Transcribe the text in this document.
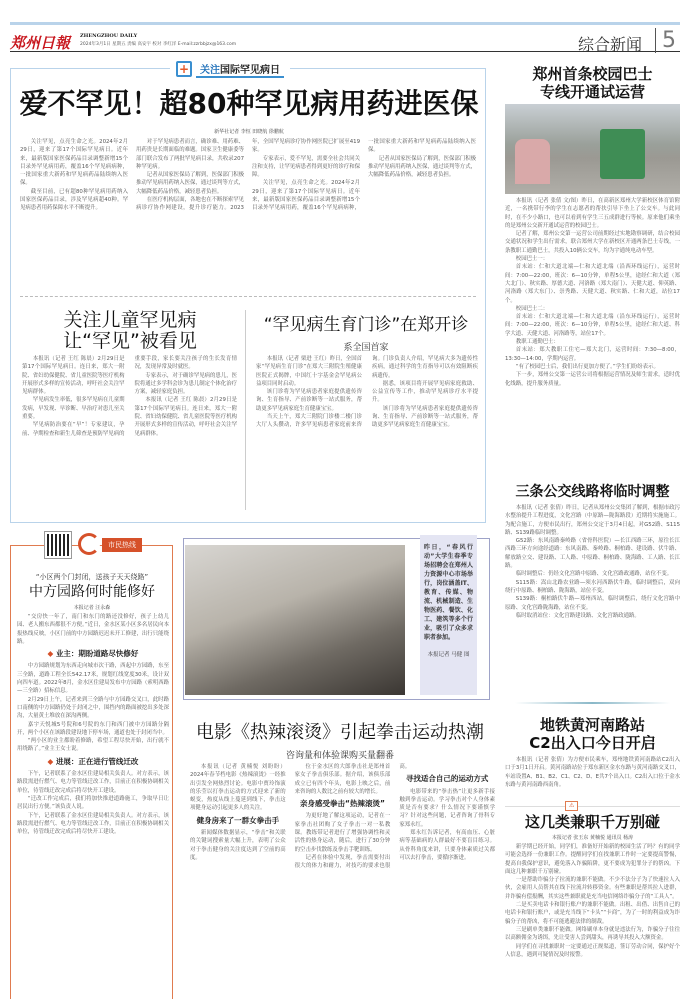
郑州日報 ZHENGZHOU DAILY
2024年3月1日 星期五 责编 高安宇 校对 李红洋 E-mail:zzrbbjzx@163.com	综合新闻 5
+	关注国际罕见病日
爱不罕见！超80种罕见病用药进医保
新华社记者 李恒 田晓航 徐鹏航

关注罕见，点亮生命之光。2024年2月29日，迎来了第17个国际罕见病日。近年来，最新版国家医保药品目录调整新增15个目录外罕见病用药，覆盖16个罕见病病种，一批国家重大新药和罕见病药品陆续纳入医保。

截至目前，已有超80种罕见病用药纳入国家医保药品目录，涉及罕见病超40种。罕见病患者用药保障水平不断提升。

对于罕见病患者而言，确诊难、用药难、用药贵是长期面临的难题。国家卫生健康委等部门联合发布了两批罕见病目录，共收录207种罕见病。

记者从国家医保局了解到，医保部门积极推动罕见病用药纳入医保，通过谈判等方式，大幅降低药品价格，减轻患者负担。

在医疗机构层面，各地也在不断探索罕见病诊疗协作网建设，提升诊疗能力。2023年，全国罕见病诊疗协作网医院已扩展至419家。

专家表示，爱不罕见，需要全社会共同关注和支持，让罕见病患者得到更好的诊疗和保障。

关注罕见，点亮生命之光。2024年2月29日，迎来了第17个国际罕见病日。近年来，最新版国家医保药品目录调整新增15个目录外罕见病用药，覆盖16个罕见病病种，一批国家重大新药和罕见病药品陆续纳入医保。

记者从国家医保局了解到，医保部门积极推动罕见病用药纳入医保，通过谈判等方式，大幅降低药品价格，减轻患者负担。

关注儿童罕见病
让“罕见”被看见

本报讯（记者 王红 陈晨）2月29日是第17个国际罕见病日。连日来，郑大一附院、省妇幼保健院、省儿童医院等医疗机构开展形式多样的宣传活动，呼吁社会关注罕见病群体。

罕见病发生率低，很多罕见病在儿童期发病，早发现、早诊断、早治疗对患儿至关重要。

罕见病防治要在“早”！专家建议，孕前、孕期检查和新生儿筛查是预防罕见病的重要手段，家长要关注孩子的生长发育情况，发现异常及时就医。

专家表示，对于确诊罕见病的患儿，医院将通过多学科会诊为患儿制定个体化治疗方案，减轻家庭负担。

本报讯（记者 王红 陈晨）2月29日是第17个国际罕见病日。连日来，郑大一附院、省妇幼保健院、省儿童医院等医疗机构开展形式多样的宣传活动，呼吁社会关注罕见病群体。

“罕见病生育门诊”在郑开诊
系全国首家

本报讯（记者 栗进 王红）昨日，全国首家“罕见病生育门诊”在郑大三附院生殖健康医院正式揭牌，中国红十字基金会罕见病公益项目同时启动。

该门诊将为罕见病患者家庭提供遗传咨询、生育指导、产前诊断等一站式服务，帮助更多罕见病家庭生育健康宝宝。

当天上午，郑大三附院门诊楼二楼门诊大厅人头攒动，许多罕见病患者家庭前来咨询。门诊负责人介绍，罕见病大多为遗传性疾病，通过科学的生育指导可以有效阻断疾病遗传。

据悉，该项目将开展罕见病家庭救助、公益宣传等工作，推动罕见病诊疗水平提升。

该门诊将为罕见病患者家庭提供遗传咨询、生育指导、产前诊断等一站式服务，帮助更多罕见病家庭生育健康宝宝。

郑州首条校园巴士
专线开通试运营

本报讯（记者 张倩 文/图）昨日，在高新区郑州大学新校区体育馆附近，一名携带行李的学生在志愿者的帮扶引导下坐上了公交车。与此同时，在不少小路口，也可以看到有学生三五成群进行等候。原来他们乘坐的是郑州公交新开通试运营的校园巴士。

记者了解，郑州公交第一运营公司前期经过实地勘察调研，结合校园交通状况和学生出行需求，联合郑州大学在新校区开通两条巴士专线，一条教职工通勤巴士，共投入10辆公交车，均为宇通纯电动车型。

校园巴士一：

首末站：仁和大道北端—仁和大道北端（沿西环线运行），运营时间：7:00—22:00，班次：6—10分钟，单程5公里，途经仁和大道（郑大北门）、秋实路、厚德大道、河洛路（郑大南门）、天健大道、仰英路、河洛路（郑大东门）、崇秀路、天健大道、秋实路、仁和大道，站位17个。

校园巴士二：

首末站：仁和大道北端—仁和大道北端（沿东环线运行），运营时间：7:00—22:00，班次：6—10分钟，单程5公里，途经仁和大道、科学大道、天健大道、河洛路等，站位17个。

教职工通勤巴士：

首末站：郑大教职工住宅—郑大北门，运营时间：7:30—8:00，13:30—14:00，学期内运营。

“有了校园巴士后，我们出行更加方便了。”学生们纷纷表示。

下一步，郑州公交第一运营公司将根据运营情况及师生需求，适时优化线路，提升服务质量。

三条公交线路将临时调整

本报讯（记者 张倩）昨日，记者从郑州公交集团了解到，根据市政污水整治提升工程进度，文化宫路（中原路—陇海路段）近期将实施施工。为配合施工，方便市民出行，郑州公交定于3月4日起，对G52路、S115路、S139路临时调整。

G52路：东风南路秦岭路（省骨科医院）—长江西路三环，原往长江西路三环方向途经道路：东风南路、秦岭路、桐柏路、建设路、伏牛路、解放路立交、建设路、工人路、中原路、桐柏路、陇海路、工人路、长江路。

临时调整后：仍经文化宫路中原路、文化宫路政通路，站位不变。

S115路：嵩山北路农业路—须水河西路伏牛路，临时调整后，双向绕行中原路、桐柏路、陇海路，站位不变。

S139路：桐柏路伏牛路—郑州西站，临时调整后，绕行文化宫路中原路、文化宫路陇海路，站位不变。

临时取消站位：文化宫路建设路、文化宫路政通路。

地铁黄河南路站
C2出入口今日开启

本报讯（记者 张倩）为方便市民乘车，郑州地铁黄河南路站C2出入口于3月1日开启。黄河南路站位于郑东新区金水东路与黄河南路交叉口，车站设置A、B1、B2、C1、C2、D、E共7个出入口。C2出入口位于金水东路与黄河南路西南角。

⚠
这几类兼职千万别碰
本报记者 张玉东 黄楠悦 通讯员 杨涛

新学期已经开始，同学们，准备好开始新的校园生活了吗？有的同学可能会选择一份兼职工作。提醒同学们在找兼职工作时一定要提高警惕，提高自我保护意识，避免落入诈骗陷阱，更不要成为犯罪分子的帮凶。下面这几种兼职千万别碰。

一是帮助诈骗分子拉流的兼职不能做。不少不法分子为了快速拉人入伙，会雇用人员帮其在线下拉流并转移资金。有些兼职是帮其拉人进群，并诈骗有偿报酬，其实这些兼职就是充当电信网络诈骗分子的“工具人”。

二是买卖电话卡和银行账户的兼职不能做。出租、出借、出售自己的电话卡和银行账户，或是充当线下“卡头”“卡商”，为了一时的利益成为诈骗分子的帮凶，将不可能逃避法律的制裁。

三是刷单类兼职不能做。网络刷单本身就是违法行为，诈骗分子往往以高额佣金为诱饵，先让受害人尝到甜头，再诱导其投入大额资金。

同学们在寻找兼职时一定要通过正规渠道，签订劳动合同，保护好个人信息，遇到可疑情况及时报警。

市民热线
“小区两个门封闭，送孩子天天绕路”
中方园路何时能修好
本报记者 汪永森

“交房快一年了，南门和东门的路还没修好，孩子上幼儿园、老人搬东西都很不方便。”近日，金水区某小区多名居民向本报热线反映，小区门前的中方园路迟迟未开工修建，出行只能绕路。

◆ 业主：期盼道路尽快修好

中方园路规划为东西走向城市次干路，西起中方园路，东至三全路，道路工程全长542.17米，规划红线宽度30米，设计双向四车道。2022年8月，金水区住建局发布中方园路（索明西路—三全路）招标信息。

2月29日上午，记者来到三全路与中方园路交叉口，此时路口南侧的中方园路仍处于封闭之中，围挡内的路面被挖出多处深沟，大量黄土堆放在深沟两侧。

嘉宇天悦城5号院和6号院的东门和西门被中方园路分隔开，两个小区在该路段建设地下停车场，通道也处于封闭当中。

“两小区的业主都盼着修路，希望工程尽快开始，出行就不用绕路了。”业主王女士说。

◆ 进展：正在进行管线迁改

下午，记者联系了金水区住建局相关负责人。对方表示，该路段需进行燃气、电力等管线迁改工作，目前正在积极协调相关单位，待管线迁改完成后将尽快开工建设。

“迁改工作完成后，我们将加快推进道路施工，争取早日让居民出行方便。”该负责人说。

下午，记者联系了金水区住建局相关负责人。对方表示，该路段需进行燃气、电力等管线迁改工作，目前正在积极协调相关单位，待管线迁改完成后将尽快开工建设。

昨日，“春风行动”大学生春季专场招聘会在郑州人力资源中心市场举行，岗位涵盖IT、教育、传媒、物流、机械制造、生物医药、餐饮、化工、建筑等多个行业，吸引了众多求职者参加。
本报记者 马健 图
电影《热辣滚烫》引起拳击运动热潮
咨询量和体验课购买量翻番

本报讯（记者 黄楠悦 刘盼盼）2024年春节档电影《热辣滚烫》一经推出引发全网热烈讨论。电影中贾玲饰演的乐莹以打拳击运动的方式迎来了新的蜕变，热度从线上蔓延到线下，拳击这项健身运动引起更多人的关注。

健身房来了一群女拳击手

新闻媒体数据显示，“拳击”和关联的关键词搜索量大幅上升，表明了公众对于拳击健身的关注度达到了空前的高度。

位于金水区的大郎拳击社是郑州首家女子拳击俱乐部。据介绍，该俱乐部成立已有四个年头，电影上映之后，前来咨询的人数比之前有较大的增长。

亲身感受拳击“热辣滚烫”

为更好地了解这项运动，记者在一家拳击社团购了女子拳击一对一私教课。教练带记者进行了增强协调性和灵活性的热身运动，随后，进行了30分钟的空击步伐散练及拳击手靶训练。

记者在体验中发现，拳击需要付出很大的体力和耐力，对技巧的要求也很高。

寻找适合自己的运动方式

电影带来的“拳击热”让更多新手接触到拳击运动。学习拳击对个人身体素质是否有要求？什么情况下要谨慎学习？针对这些问题，记者咨询了骨科专家郑永红。

郑永红告诉记者，有高血压、心脏病等基础病的人群最好不要盲目练习。从骨科角度来讲，只要身体素质过关都可以去打拳击，要循序渐进。
